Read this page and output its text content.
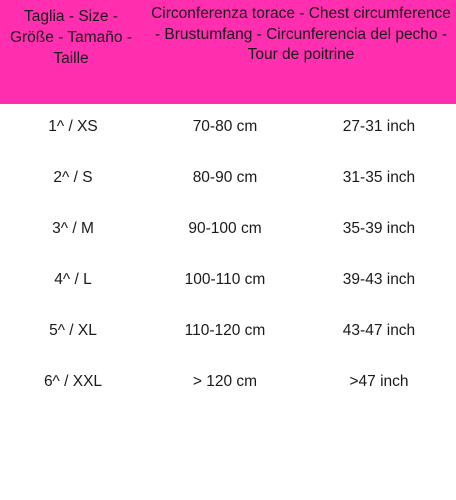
Taglia - Size - Größe - Tamaño - Taille
Circonferenza torace - Chest circumference - Brustumfang - Circunferencia del pecho - Tour de poitrine
1^ / XS	70-80 cm	27-31 inch
2^ / S	80-90 cm	31-35 inch
3^ / M	90-100 cm	35-39 inch
4^ / L	100-110 cm	39-43 inch
5^ / XL	110-120 cm	43-47 inch
6^ / XXL	> 120 cm	>47 inch
